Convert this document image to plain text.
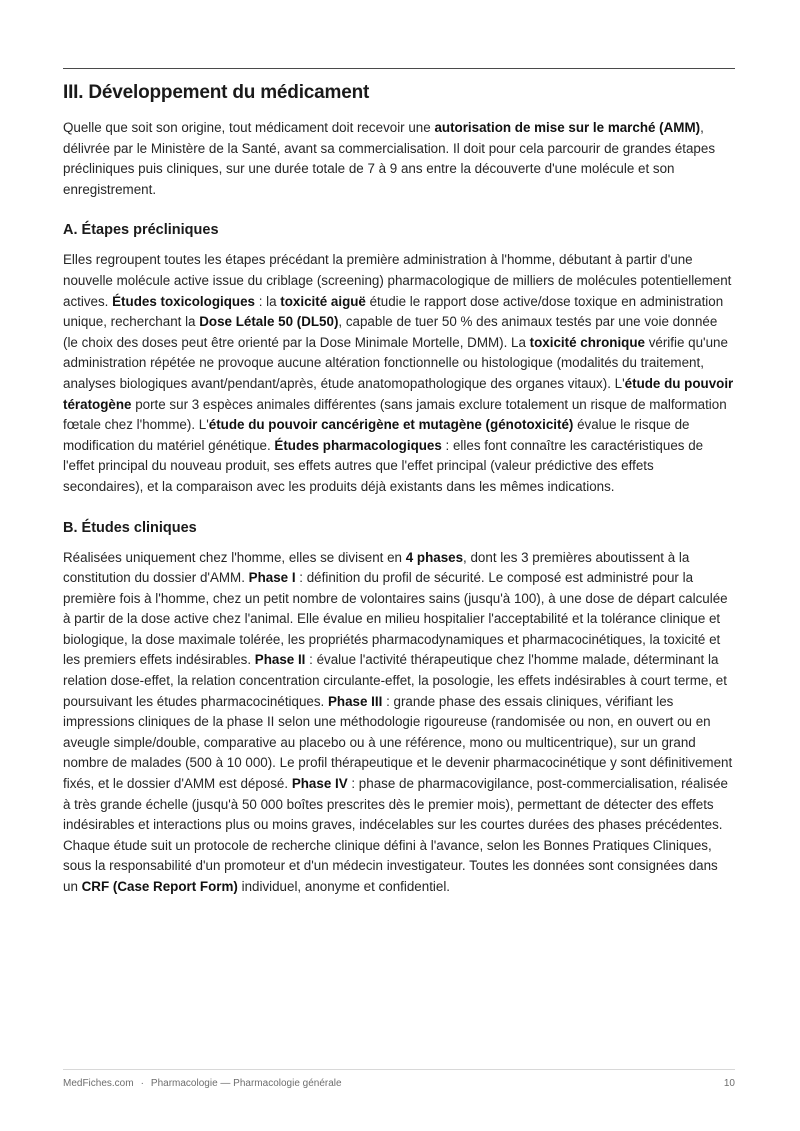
III. Développement du médicament

Quelle que soit son origine, tout médicament doit recevoir une autorisation de mise sur le marché (AMM), délivrée par le Ministère de la Santé, avant sa commercialisation. Il doit pour cela parcourir de grandes étapes précliniques puis cliniques, sur une durée totale de 7 à 9 ans entre la découverte d'une molécule et son enregistrement.

A. Étapes précliniques

Elles regroupent toutes les étapes précédant la première administration à l'homme, débutant à partir d'une nouvelle molécule active issue du criblage (screening) pharmacologique de milliers de molécules potentiellement actives. Études toxicologiques : la toxicité aiguë étudie le rapport dose active/dose toxique en administration unique, recherchant la Dose Létale 50 (DL50), capable de tuer 50 % des animaux testés par une voie donnée (le choix des doses peut être orienté par la Dose Minimale Mortelle, DMM). La toxicité chronique vérifie qu'une administration répétée ne provoque aucune altération fonctionnelle ou histologique (modalités du traitement, analyses biologiques avant/pendant/après, étude anatomopathologique des organes vitaux). L'étude du pouvoir tératogène porte sur 3 espèces animales différentes (sans jamais exclure totalement un risque de malformation fœtale chez l'homme). L'étude du pouvoir cancérigène et mutagène (génotoxicité) évalue le risque de modification du matériel génétique. Études pharmacologiques : elles font connaître les caractéristiques de l'effet principal du nouveau produit, ses effets autres que l'effet principal (valeur prédictive des effets secondaires), et la comparaison avec les produits déjà existants dans les mêmes indications.

B. Études cliniques

Réalisées uniquement chez l'homme, elles se divisent en 4 phases, dont les 3 premières aboutissent à la constitution du dossier d'AMM. Phase I : définition du profil de sécurité. Le composé est administré pour la première fois à l'homme, chez un petit nombre de volontaires sains (jusqu'à 100), à une dose de départ calculée à partir de la dose active chez l'animal. Elle évalue en milieu hospitalier l'acceptabilité et la tolérance clinique et biologique, la dose maximale tolérée, les propriétés pharmacodynamiques et pharmacocinétiques, la toxicité et les premiers effets indésirables. Phase II : évalue l'activité thérapeutique chez l'homme malade, déterminant la relation dose-effet, la relation concentration circulante-effet, la posologie, les effets indésirables à court terme, et poursuivant les études pharmacocinétiques. Phase III : grande phase des essais cliniques, vérifiant les impressions cliniques de la phase II selon une méthodologie rigoureuse (randomisée ou non, en ouvert ou en aveugle simple/double, comparative au placebo ou à une référence, mono ou multicentrique), sur un grand nombre de malades (500 à 10 000). Le profil thérapeutique et le devenir pharmacocinétique y sont définitivement fixés, et le dossier d'AMM est déposé. Phase IV : phase de pharmacovigilance, post-commercialisation, réalisée à très grande échelle (jusqu'à 50 000 boîtes prescrites dès le premier mois), permettant de détecter des effets indésirables et interactions plus ou moins graves, indécelables sur les courtes durées des phases précédentes. Chaque étude suit un protocole de recherche clinique défini à l'avance, selon les Bonnes Pratiques Cliniques, sous la responsabilité d'un promoteur et d'un médecin investigateur. Toutes les données sont consignées dans un CRF (Case Report Form) individuel, anonyme et confidentiel.

MedFiches.com · Pharmacologie — Pharmacologie générale	10
